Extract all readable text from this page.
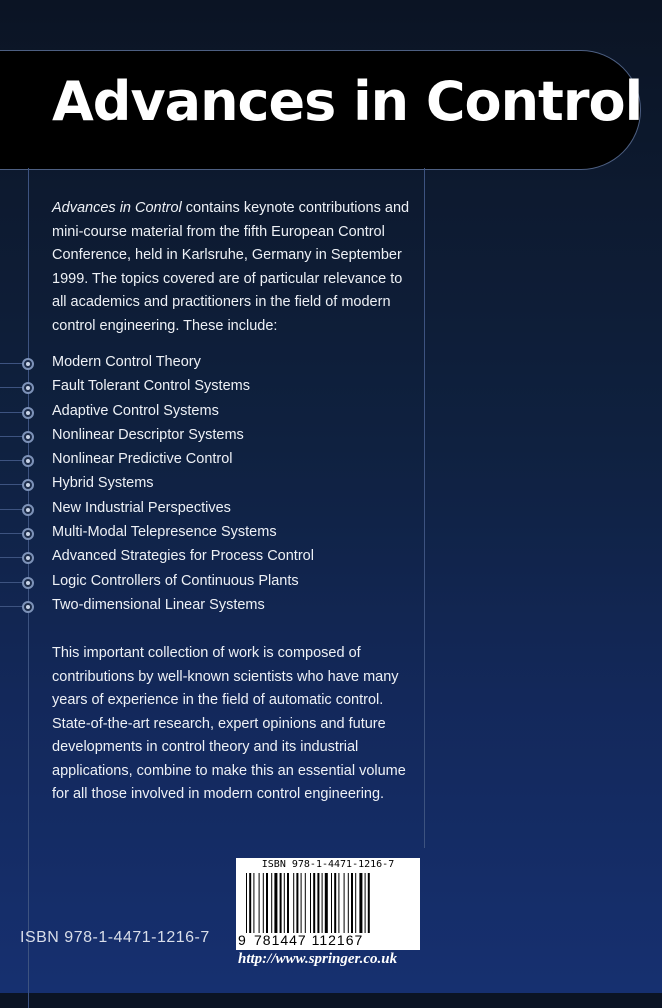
Advances in Control

Advances in Control contains keynote contributions and mini-course material from the fifth European Control Conference, held in Karlsruhe, Germany in September 1999. The topics covered are of particular relevance to all academics and practitioners in the field of modern control engineering. These include:

Modern Control Theory
Fault Tolerant Control Systems
Adaptive Control Systems
Nonlinear Descriptor Systems
Nonlinear Predictive Control
Hybrid Systems
New Industrial Perspectives
Multi-Modal Telepresence Systems
Advanced Strategies for Process Control
Logic Controllers of Continuous Plants
Two-dimensional Linear Systems

This important collection of work is composed of contributions by well-known scientists who have many years of experience in the field of automatic control. State-of-the-art research, expert opinions and future developments in control theory and its industrial applications, combine to make this an essential volume for all those involved in modern control engineering.

ISBN 978-1-4471-1216-7
ISBN 978-1-4471-1216-7
9 781447 112167
http://www.springer.co.uk
